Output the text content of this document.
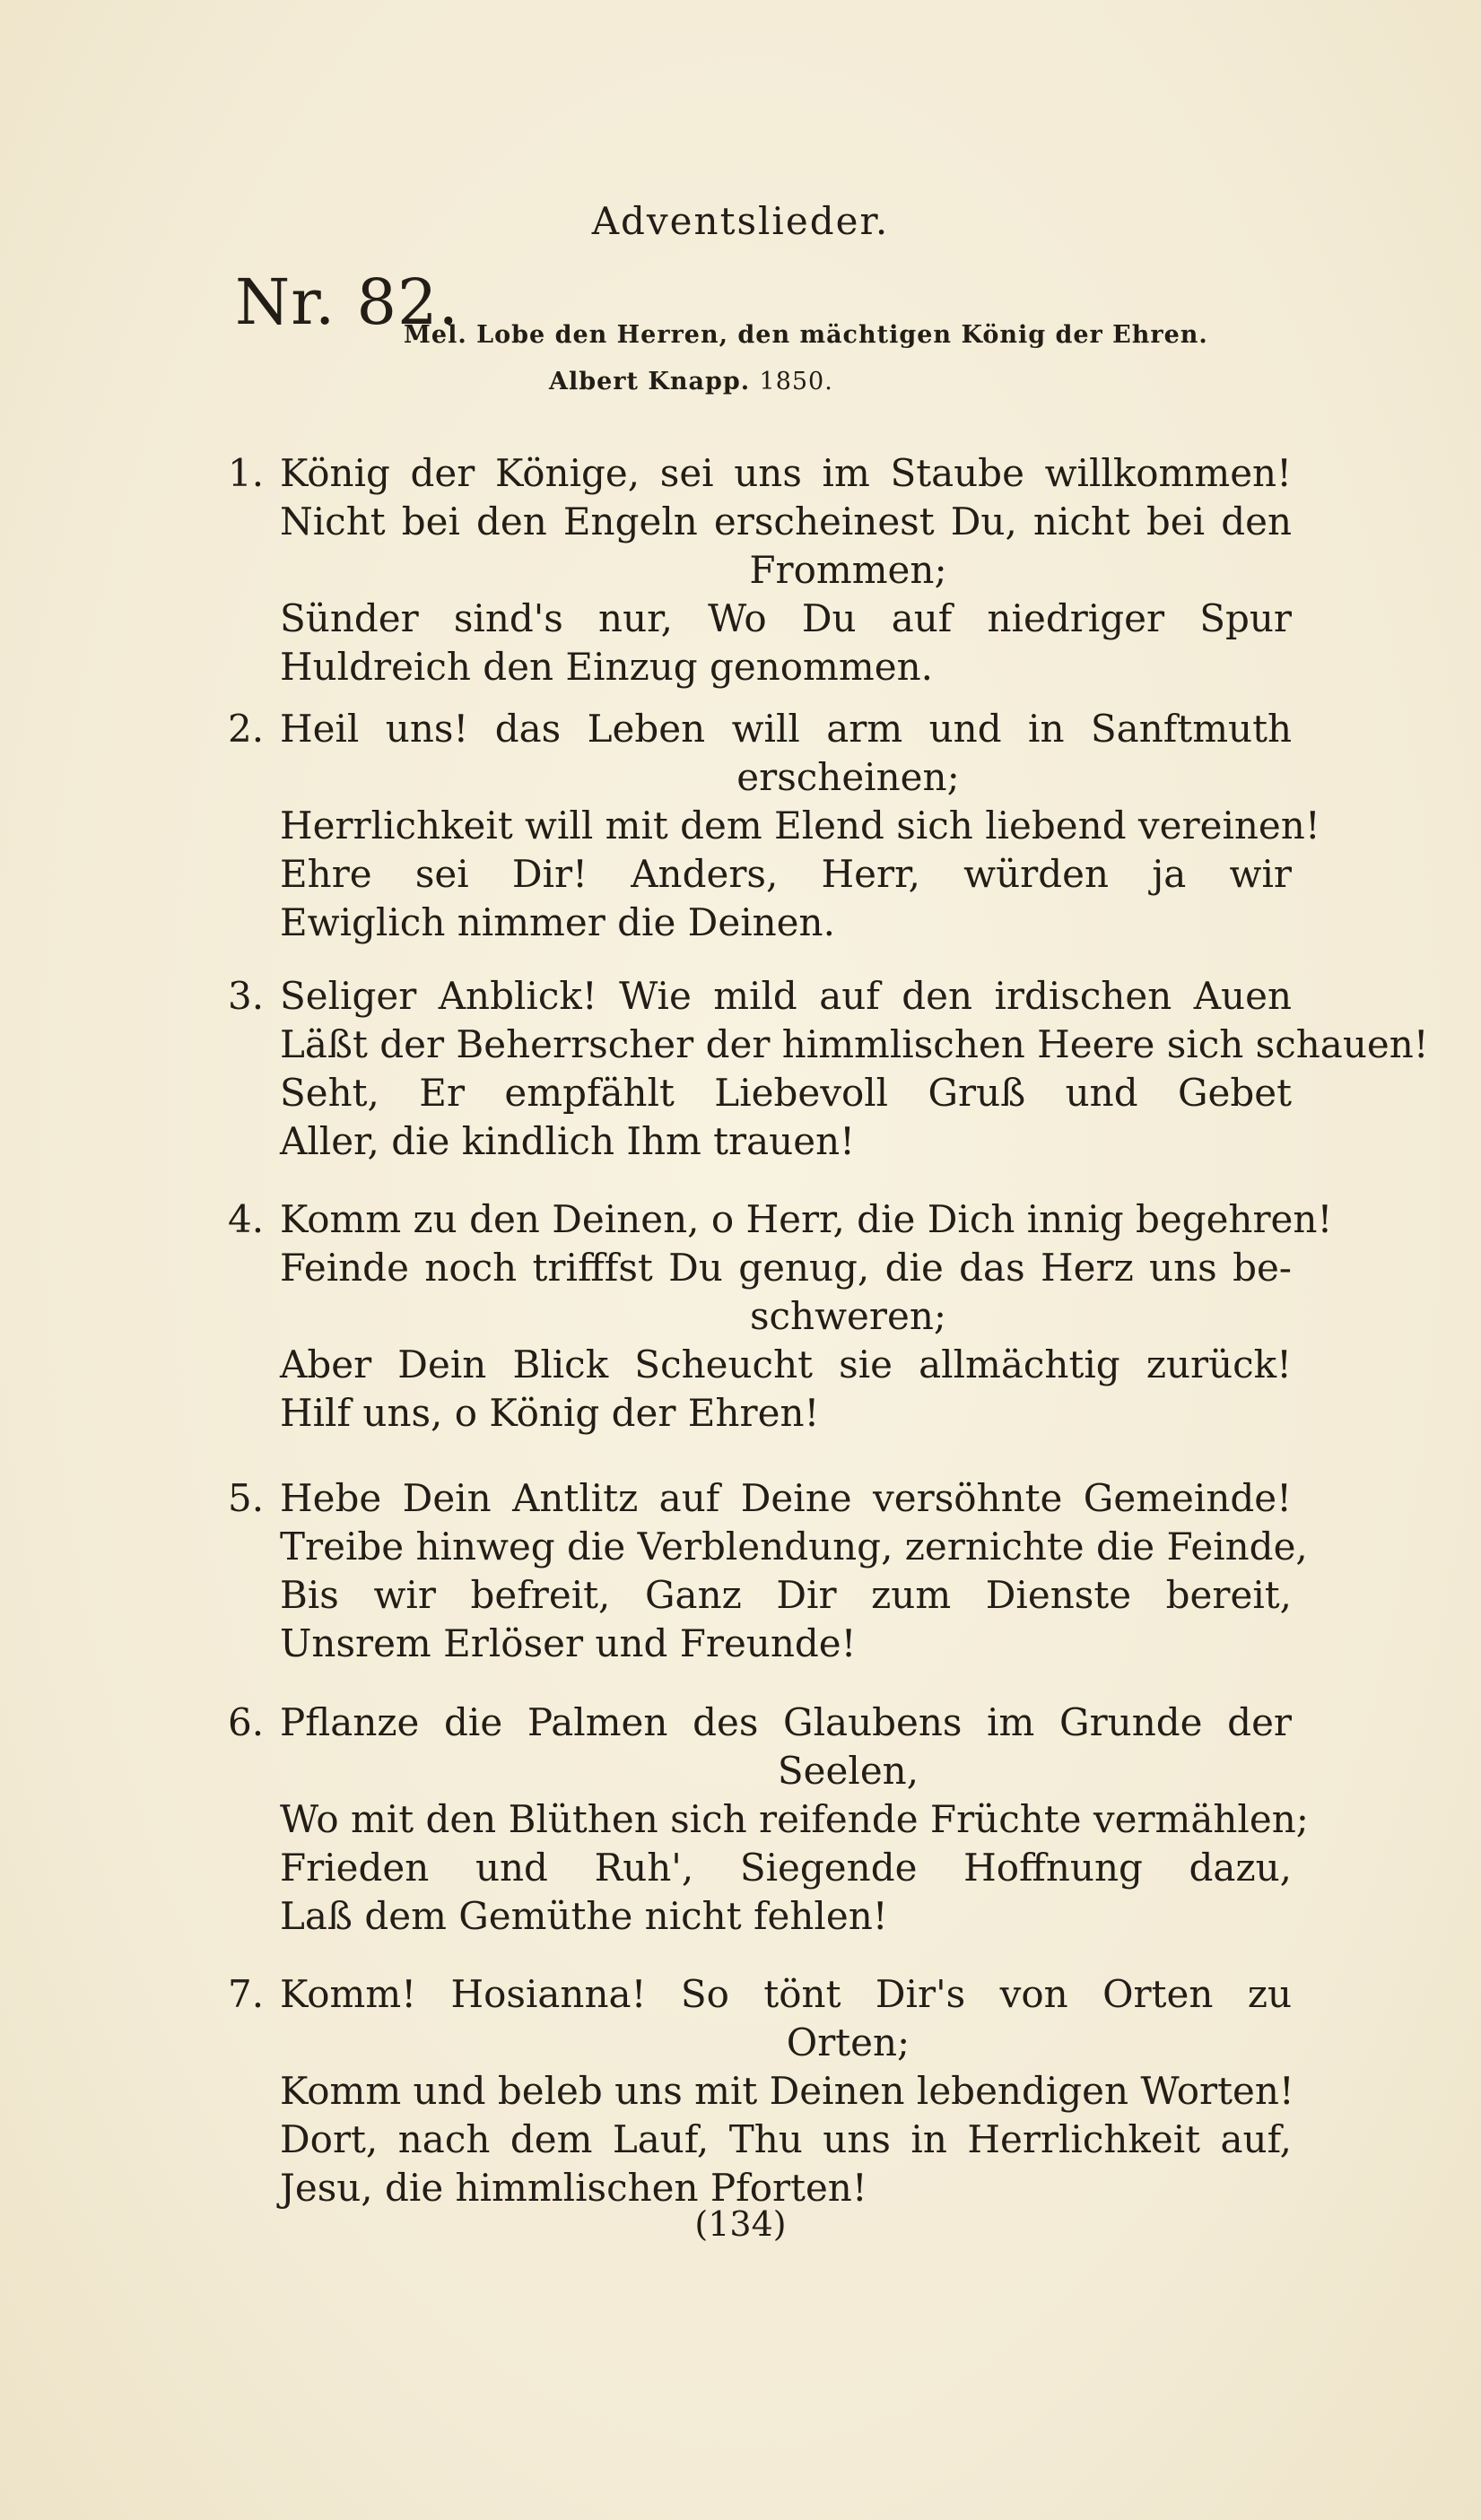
Adventslieder.
Nr. 82.
Mel. Lobe den Herren, den mächtigen König der Ehren.
Albert Knapp. 1850.
1. König der Könige, sei uns im Staube willkommen!
Nicht bei den Engeln erscheinest Du, nicht bei den
Frommen;
Sünder sind's nur, Wo Du auf niedriger Spur
Huldreich den Einzug genommen.
2. Heil uns! das Leben will arm und in Sanftmuth
erscheinen;
Herrlichkeit will mit dem Elend sich liebend vereinen!
Ehre sei Dir! Anders, Herr, würden ja wir
Ewiglich nimmer die Deinen.
3. Seliger Anblick! Wie mild auf den irdischen Auen
Läßt der Beherrscher der himmlischen Heere sich schauen!
Seht, Er empfählt Liebevoll Gruß und Gebet
Aller, die kindlich Ihm trauen!
4. Komm zu den Deinen, o Herr, die Dich innig begehren!
Feinde noch trifffst Du genug, die das Herz uns be-
schweren;
Aber Dein Blick Scheucht sie allmächtig zurück!
Hilf uns, o König der Ehren!
5. Hebe Dein Antlitz auf Deine versöhnte Gemeinde!
Treibe hinweg die Verblendung, zernichte die Feinde,
Bis wir befreit, Ganz Dir zum Dienste bereit,
Unsrem Erlöser und Freunde!
6. Pflanze die Palmen des Glaubens im Grunde der
Seelen,
Wo mit den Blüthen sich reifende Früchte vermählen;
Frieden und Ruh', Siegende Hoffnung dazu,
Laß dem Gemüthe nicht fehlen!
7. Komm! Hosianna! So tönt Dir's von Orten zu
Orten;
Komm und beleb uns mit Deinen lebendigen Worten!
Dort, nach dem Lauf, Thu uns in Herrlichkeit auf,
Jesu, die himmlischen Pforten!
(134)
